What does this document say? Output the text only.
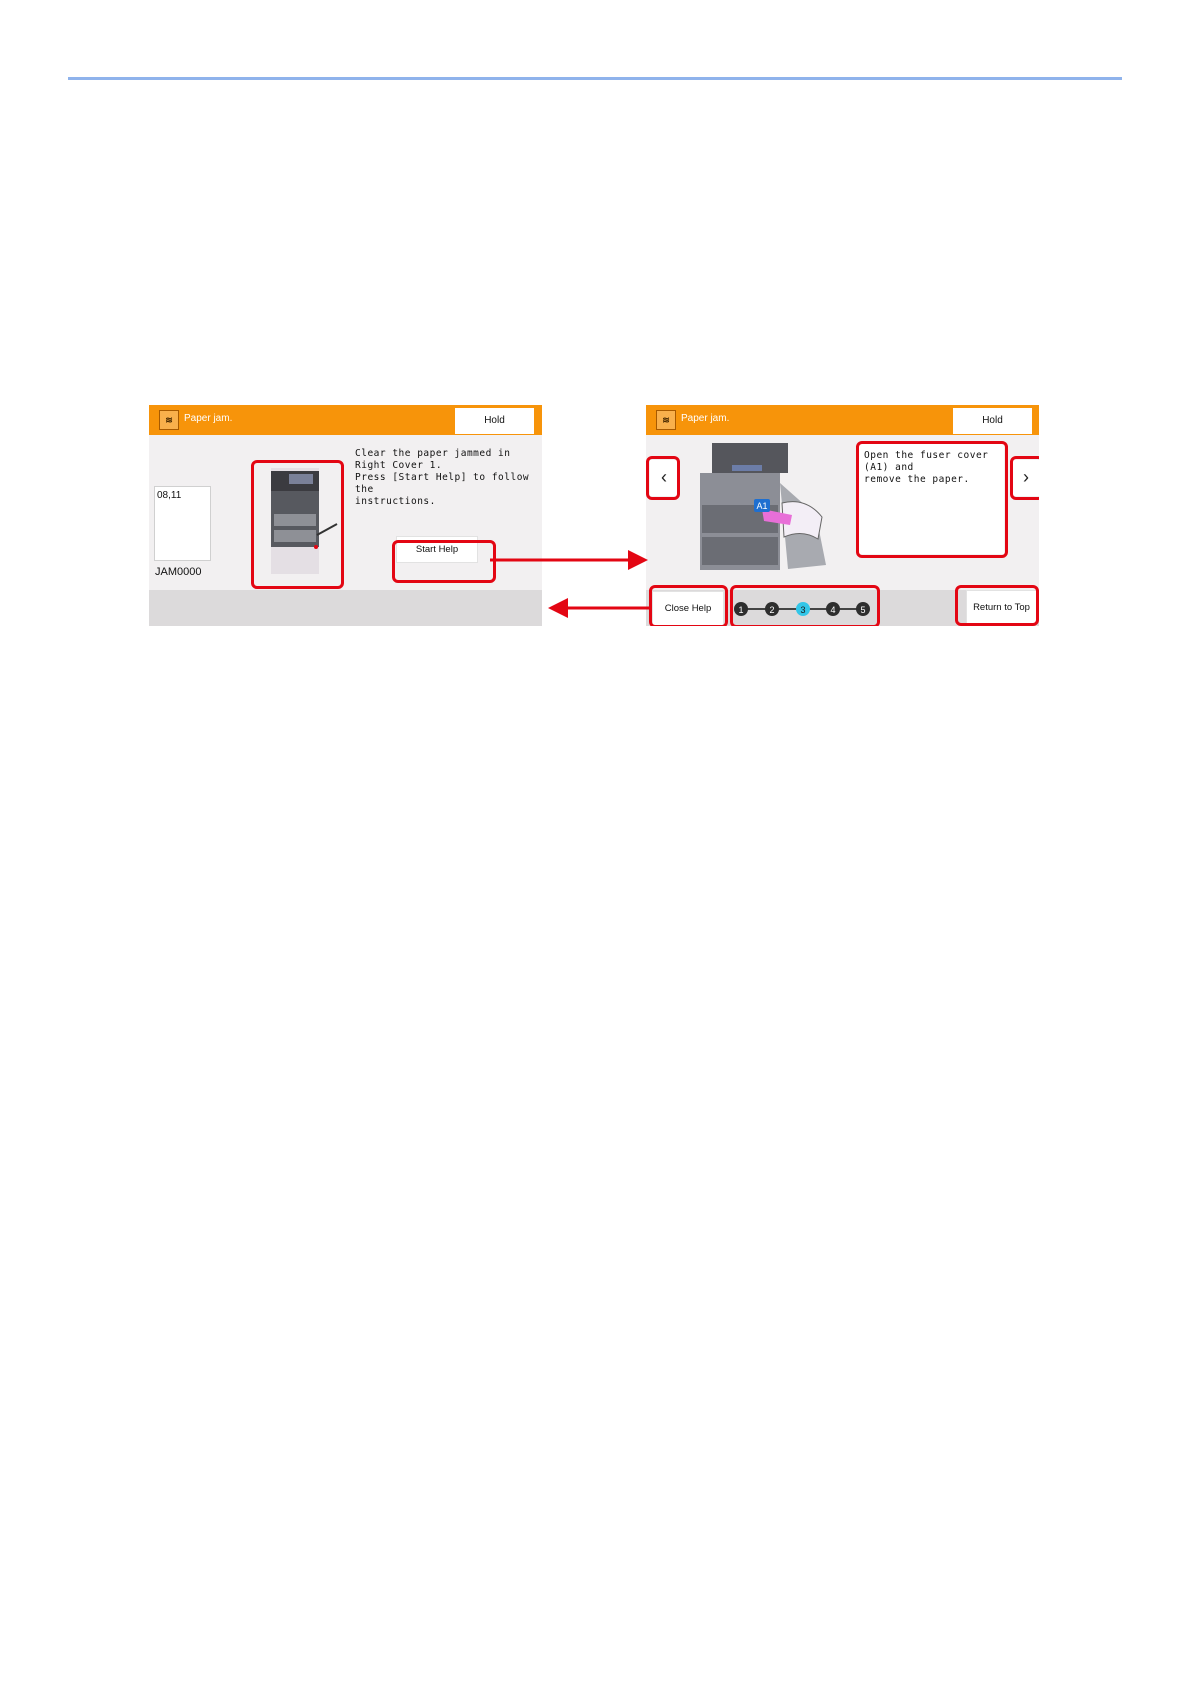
≋	Paper jam.	Hold
08,11
JAM0000
Clear the paper jammed in
Right Cover 1.
Press [Start Help] to follow
the
instructions.
Start Help
≋	Paper jam.	Hold
A1
‹	›
Open the fuser cover
(A1) and
remove the paper.
Close Help	1	2	3	4	5	Return to Top
